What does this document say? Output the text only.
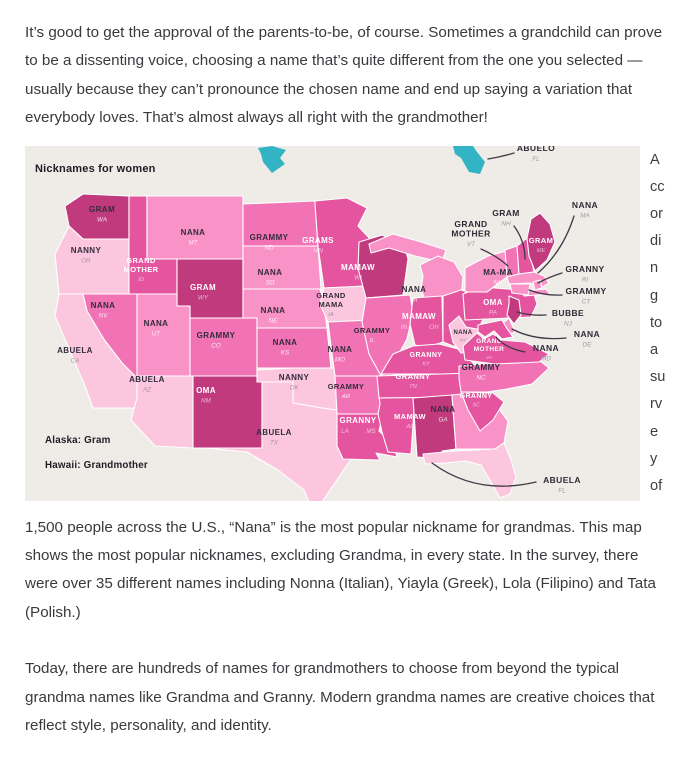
It’s good to get the approval of the parents-to-be, of course. Sometimes a grandchild can prove to be a dissenting voice, choosing a name that’s quite different from the one you selected — usually because they can’t pronounce the chosen name and end up saying a variation that everybody loves. That’s almost always all right with the grandmother!

ABUELO
FL
Nicknames for women
Alaska: Gram
Hawaii: Grandmother
GRAM
WA
NANNY
OR	GRAND
MOTHER
ID
NANA
MT
GRAM
WY
GRAMMY
ND
NANA
SD
GRAMS
MN
NANA
NV
NANA
UT	GRAMMY
CO
NANA
NE
NANA
KS
ABUELA
CA
ABUELA
AZ	OMA
NM
NANNY
OK
ABUELA
TX
GRAND
MAMA
IA
NANA
MO
GRAMMY
AR
MAMAW
WI
GRAMMY
IL
NANA
MI
GRANNY
KY
GRANNY
TN
MAMAW
AL
NANA
GA
GRANNY
SC
GRAMMY
NC
NANA
WV GRAND
MOTHER
VA
OMA
PA
MA-MA
NY
GRAM
ME
MAMAW
IN	OH
GRANNY
LA	MS
GRAND
MOTHER
VT
GRAM
NH
NANA
MA
GRANNY
RI
GRAMMY
CT
BUBBE
NJ
NANA
DE
NANA
MD
ABUELA
FL
A
cc
or
di
n
g
to
a
su
rv
e
y
of

1,500 people across the U.S., “Nana” is the most popular nickname for grandmas. This map shows the most popular nicknames, excluding Grandma, in every state. In the survey, there were over 35 different names including Nonna (Italian), Yiayla (Greek), Lola (Filipino) and Tata (Polish.)

Today, there are hundreds of names for grandmothers to choose from beyond the typical grandma names like Grandma and Granny. Modern grandma names are creative choices that reflect style, personality, and identity.
